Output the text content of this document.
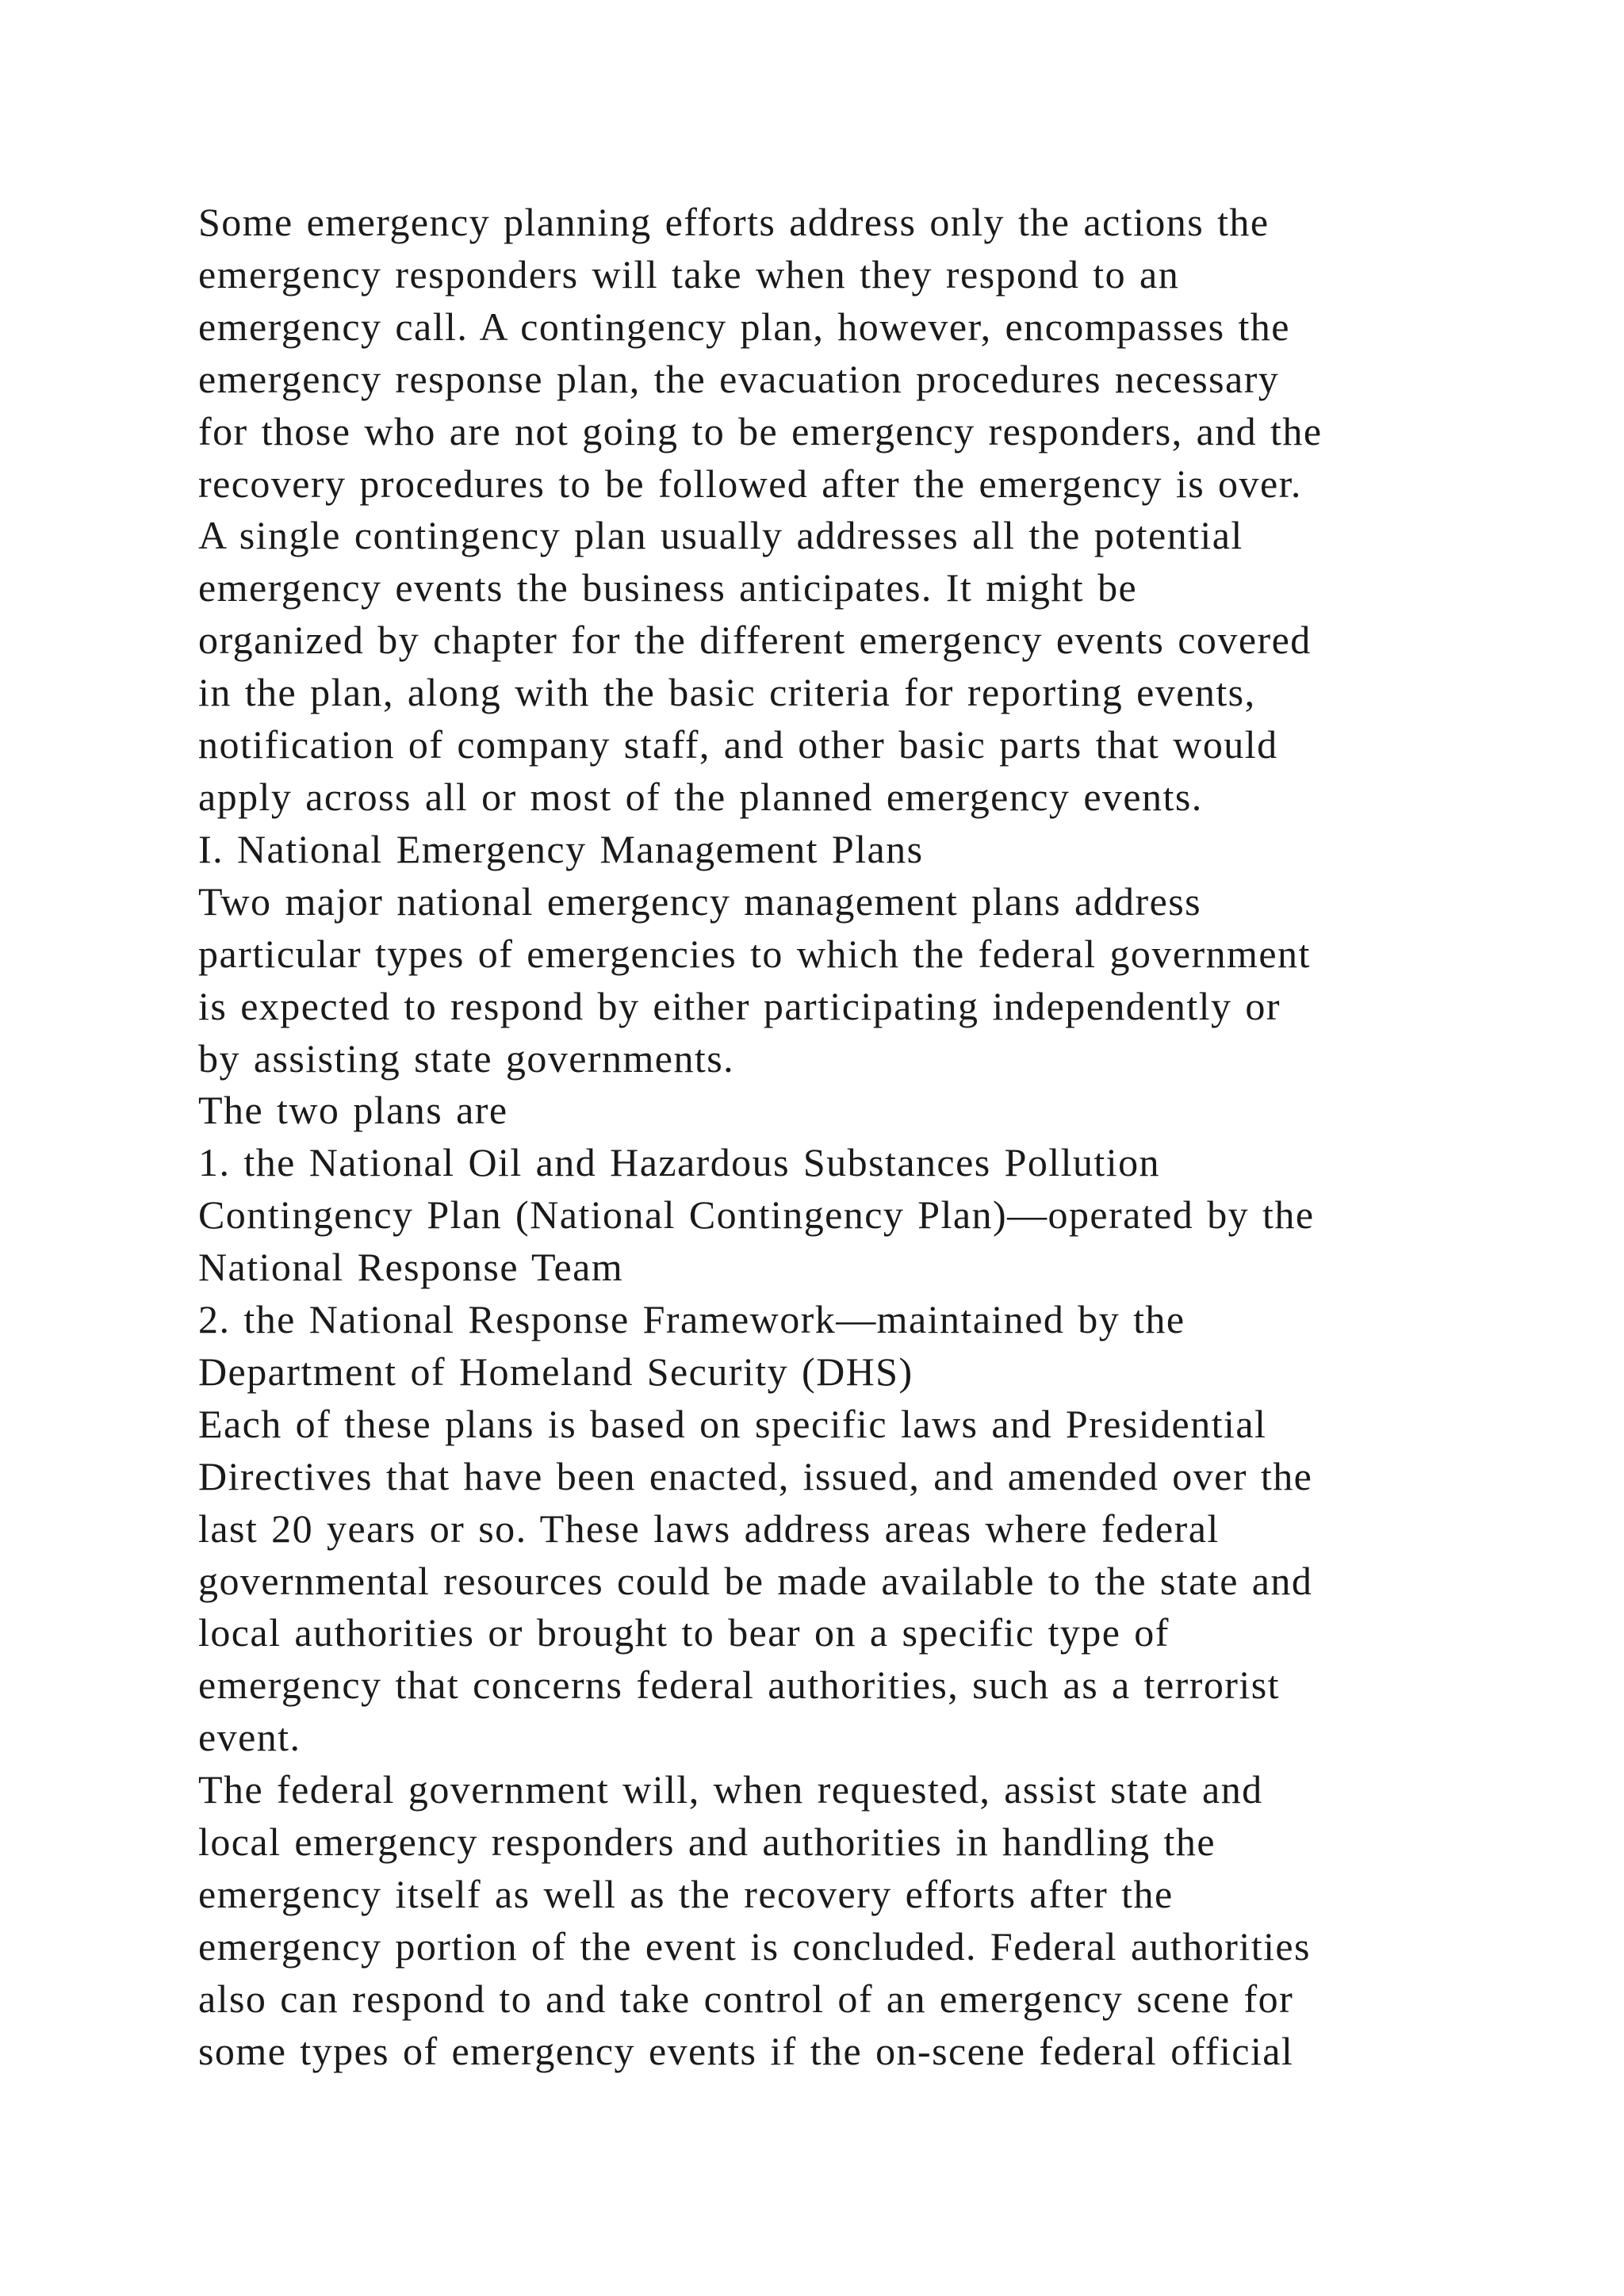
Some emergency planning efforts address only the actions the
emergency responders will take when they respond to an
emergency call. A contingency plan, however, encompasses the
emergency response plan, the evacuation procedures necessary
for those who are not going to be emergency responders, and the
recovery procedures to be followed after the emergency is over.
A single contingency plan usually addresses all the potential
emergency events the business anticipates. It might be
organized by chapter for the different emergency events covered
in the plan, along with the basic criteria for reporting events,
notification of company staff, and other basic parts that would
apply across all or most of the planned emergency events.
I. National Emergency Management Plans
Two major national emergency management plans address
particular types of emergencies to which the federal government
is expected to respond by either participating independently or
by assisting state governments.
The two plans are
1. the National Oil and Hazardous Substances Pollution
Contingency Plan (National Contingency Plan)—operated by the
National Response Team
2. the National Response Framework—maintained by the
Department of Homeland Security (DHS)
Each of these plans is based on specific laws and Presidential
Directives that have been enacted, issued, and amended over the
last 20 years or so. These laws address areas where federal
governmental resources could be made available to the state and
local authorities or brought to bear on a specific type of
emergency that concerns federal authorities, such as a terrorist
event.
The federal government will, when requested, assist state and
local emergency responders and authorities in handling the
emergency itself as well as the recovery efforts after the
emergency portion of the event is concluded. Federal authorities
also can respond to and take control of an emergency scene for
some types of emergency events if the on-scene federal official
